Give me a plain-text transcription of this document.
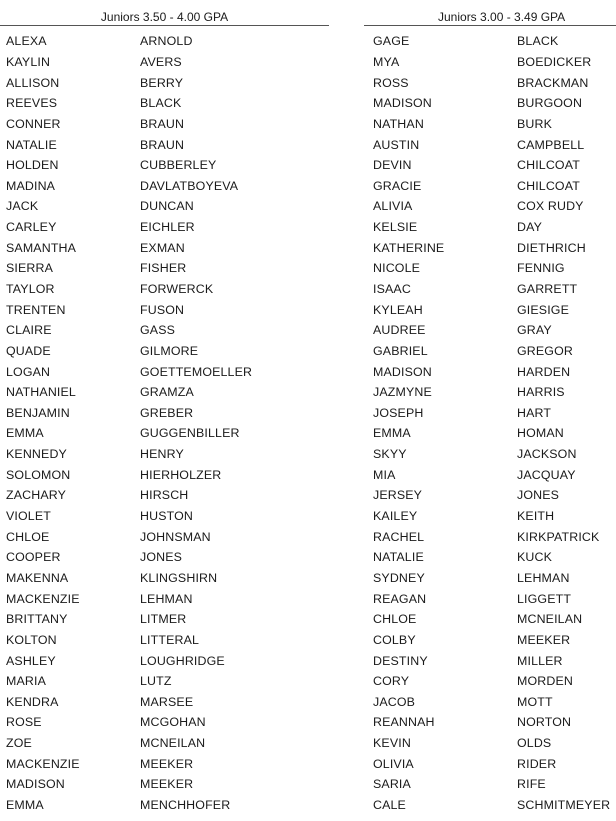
Juniors 3.50 - 4.00 GPA
ALEXA	ARNOLD
KAYLIN	AVERS
ALLISON	BERRY
REEVES	BLACK
CONNER	BRAUN
NATALIE	BRAUN
HOLDEN	CUBBERLEY
MADINA	DAVLATBOYEVA
JACK	DUNCAN
CARLEY	EICHLER
SAMANTHA	EXMAN
SIERRA	FISHER
TAYLOR	FORWERCK
TRENTEN	FUSON
CLAIRE	GASS
QUADE	GILMORE
LOGAN	GOETTEMOELLER
NATHANIEL	GRAMZA
BENJAMIN	GREBER
EMMA	GUGGENBILLER
KENNEDY	HENRY
SOLOMON	HIERHOLZER
ZACHARY	HIRSCH
VIOLET	HUSTON
CHLOE	JOHNSMAN
COOPER	JONES
MAKENNA	KLINGSHIRN
MACKENZIE	LEHMAN
BRITTANY	LITMER
KOLTON	LITTERAL
ASHLEY	LOUGHRIDGE
MARIA	LUTZ
KENDRA	MARSEE
ROSE	MCGOHAN
ZOE	MCNEILAN
MACKENZIE	MEEKER
MADISON	MEEKER
EMMA	MENCHHOFER
Juniors 3.00 - 3.49 GPA
GAGE	BLACK
MYA	BOEDICKER
ROSS	BRACKMAN
MADISON	BURGOON
NATHAN	BURK
AUSTIN	CAMPBELL
DEVIN	CHILCOAT
GRACIE	CHILCOAT
ALIVIA	COX RUDY
KELSIE	DAY
KATHERINE	DIETHRICH
NICOLE	FENNIG
ISAAC	GARRETT
KYLEAH	GIESIGE
AUDREE	GRAY
GABRIEL	GREGOR
MADISON	HARDEN
JAZMYNE	HARRIS
JOSEPH	HART
EMMA	HOMAN
SKYY	JACKSON
MIA	JACQUAY
JERSEY	JONES
KAILEY	KEITH
RACHEL	KIRKPATRICK
NATALIE	KUCK
SYDNEY	LEHMAN
REAGAN	LIGGETT
CHLOE	MCNEILAN
COLBY	MEEKER
DESTINY	MILLER
CORY	MORDEN
JACOB	MOTT
REANNAH	NORTON
KEVIN	OLDS
OLIVIA	RIDER
SARIA	RIFE
CALE	SCHMITMEYER
